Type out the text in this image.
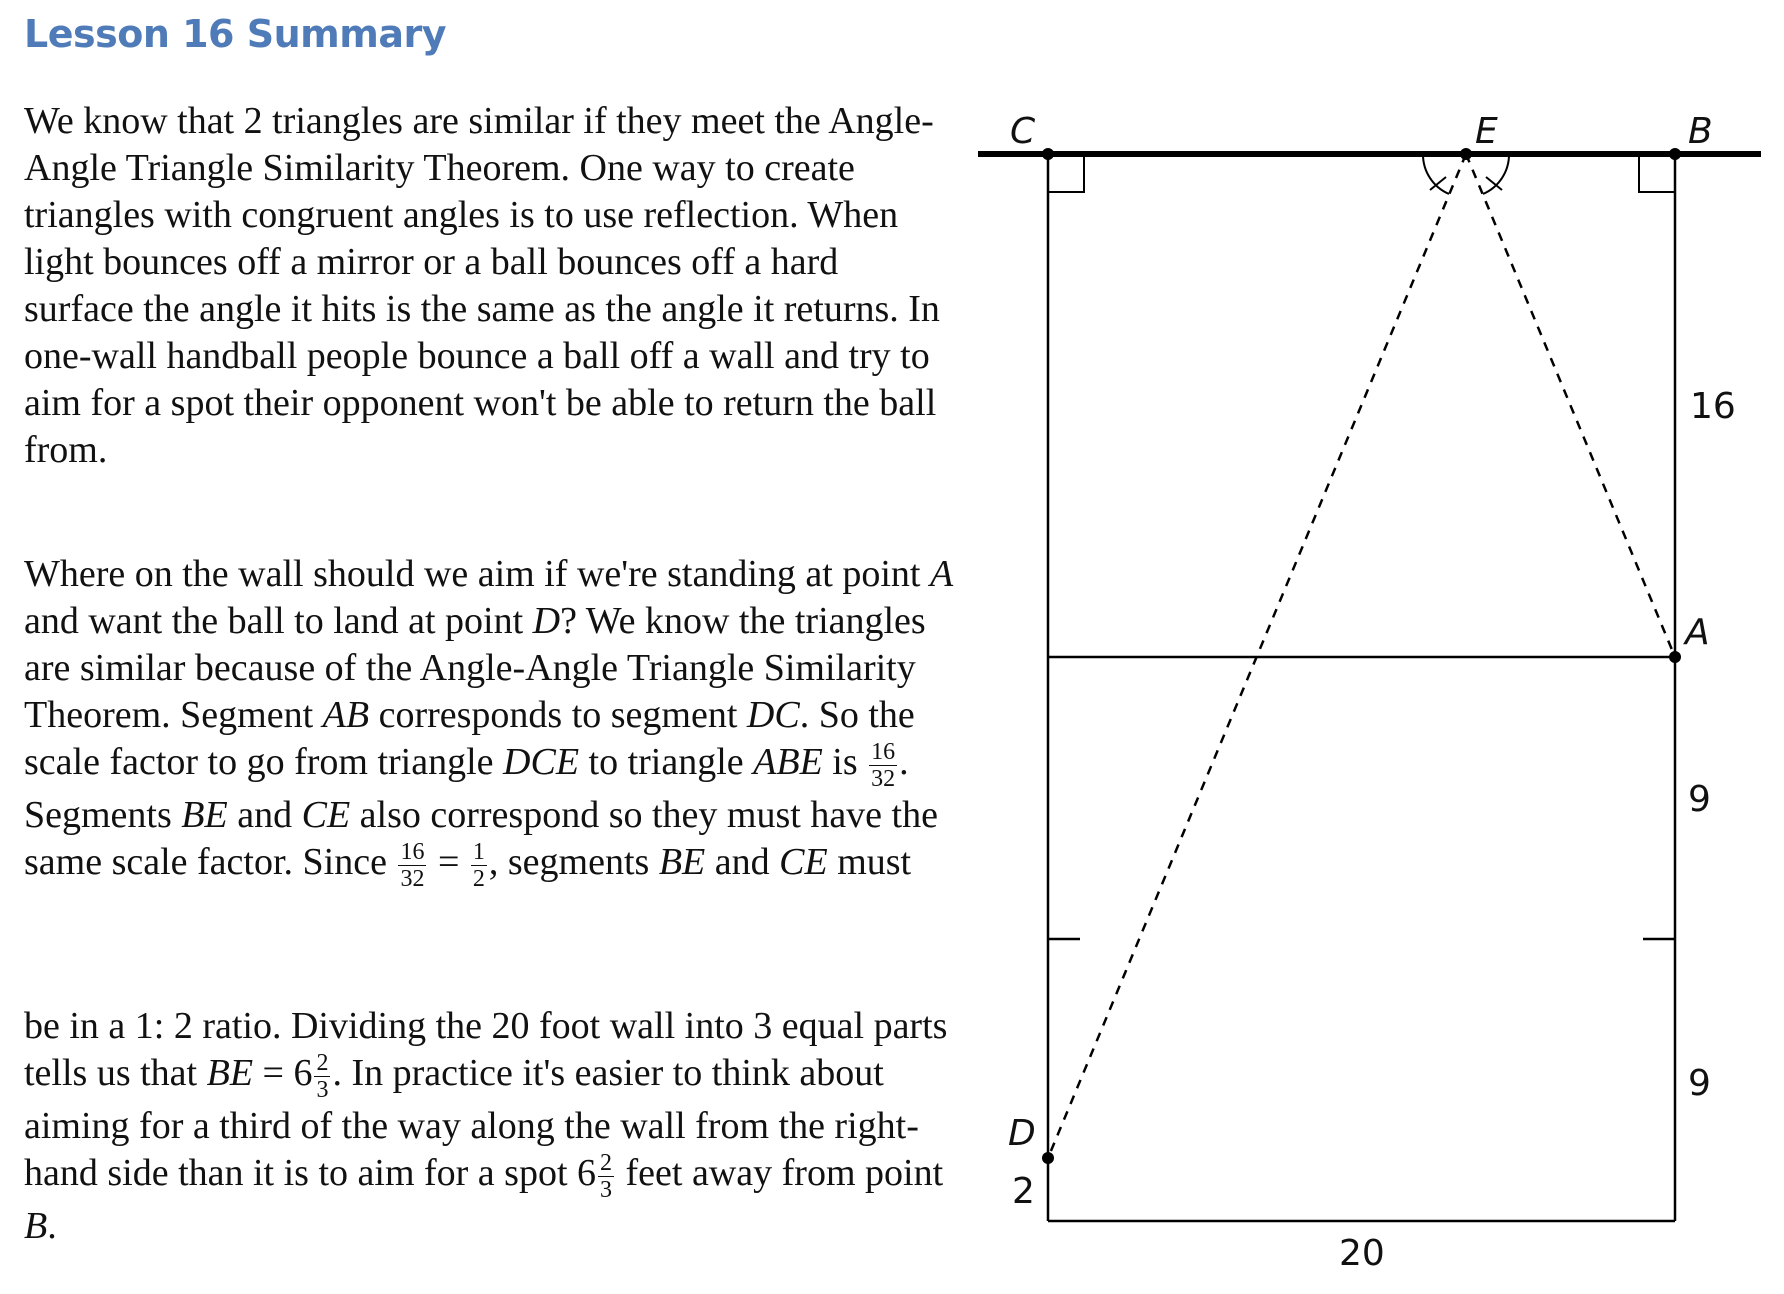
Lesson 16 Summary
We know that 2 triangles are similar if they meet the Angle-Angle Triangle Similarity Theorem. One way to create triangles with congruent angles is to use reflection. When light bounces off a mirror or a ball bounces off a hard surface the angle it hits is the same as the angle it returns. In one-wall handball people bounce a ball off a wall and try to aim for a spot their opponent won't be able to return the ball from.
Where on the wall should we aim if we're standing at point A and want the ball to land at point D? We know the triangles are similar because of the Angle-Angle Triangle Similarity Theorem. Segment AB corresponds to segment DC. So the scale factor to go from triangle DCE to triangle ABE is $\frac{16}{32}$ . Segments BE and CE also correspond so they must have the same scale factor. Since $\frac{16}{32} = \frac{1}{2}$ , segments BE and CE must
be in a 1: 2 ratio. Dividing the 20 foot wall into 3 equal parts tells us that BE = $6 \frac{2}{3}$ . In practice it's easier to think about aiming for a third of the way along the wall from the right-hand side than it is to aim for a spot $6 \frac{2}{3}$ feet away from point B.
C	E	B
A
D
16
9
9
2
20
